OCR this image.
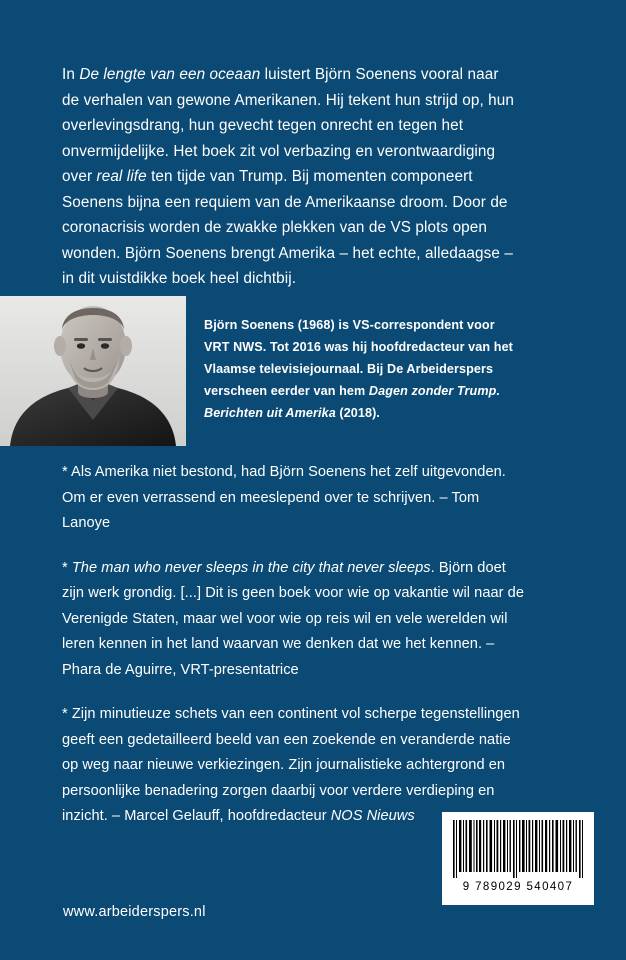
In De lengte van een oceaan luistert Björn Soenens vooral naar de verhalen van gewone Amerikanen. Hij tekent hun strijd op, hun overlevingsdrang, hun gevecht tegen onrecht en tegen het onvermijdelijke. Het boek zit vol verbazing en verontwaardiging over real life ten tijde van Trump. Bij momenten componeert Soenens bijna een requiem van de Amerikaanse droom. Door de coronacrisis worden de zwakke plekken van de VS plots open wonden. Björn Soenens brengt Amerika – het echte, alledaagse – in dit vuistdikke boek heel dichtbij.
Björn Soenens (1968) is VS-correspondent voor VRT NWS. Tot 2016 was hij hoofdredacteur van het Vlaamse televisiejournaal. Bij De Arbeiderspers verscheen eerder van hem Dagen zonder Trump. Berichten uit Amerika (2018).
* Als Amerika niet bestond, had Björn Soenens het zelf uitgevonden. Om er even verrassend en meeslepend over te schrijven. – Tom Lanoye
* The man who never sleeps in the city that never sleeps. Björn doet zijn werk grondig. [...] Dit is geen boek voor wie op vakantie wil naar de Verenigde Staten, maar wel voor wie op reis wil en vele werelden wil leren kennen in het land waarvan we denken dat we het kennen. – Phara de Aguirre, VRT-presentatrice
* Zijn minutieuze schets van een continent vol scherpe tegenstellingen geeft een gedetailleerd beeld van een zoekende en veranderde natie op weg naar nieuwe verkiezingen. Zijn journalistieke achtergrond en persoonlijke benadering zorgen daarbij voor verdere verdieping en inzicht. – Marcel Gelauff, hoofdredacteur NOS Nieuws
9 789029 540407
www.arbeiderspers.nl
